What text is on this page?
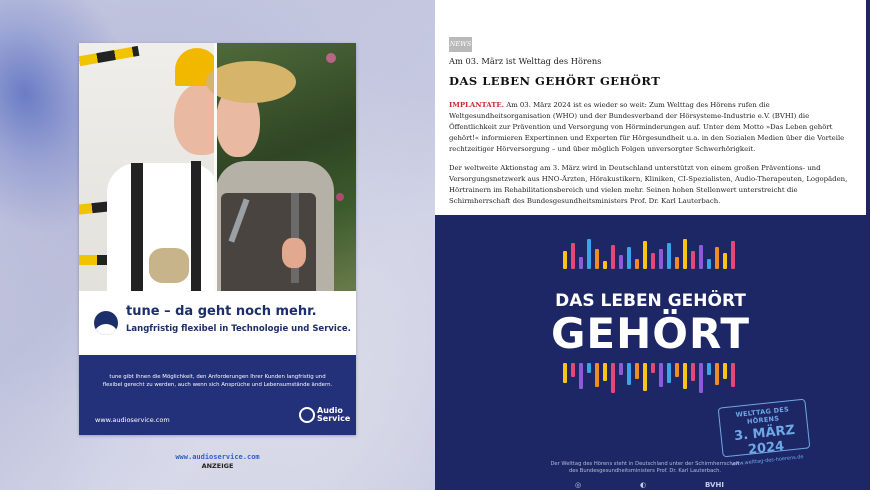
tune – da geht noch mehr.
Langfristig flexibel in Technologie und Service.
tune gibt Ihnen die Möglichkeit, den Anforderungen Ihrer Kunden langfristig und flexibel gerecht zu werden, auch wenn sich Ansprüche und Lebensumstände ändern.
www.audioservice.com
Audio
Service
www.audioservice.com
ANZEIGE
NEWS
Am 03. März ist Welttag des Hörens
DAS LEBEN GEHÖRT GEHÖRT
IMPLANTATE. Am 03. März 2024 ist es wieder so weit: Zum Welttag des Hörens rufen die Weltgesundheitsorganisation (WHO) und der Bundesverband der Hörsysteme-Industrie e.V. (BVHI) die Öffentlichkeit zur Prävention und Versorgung von Hörminderungen auf. Unter dem Motto »Das Leben gehört gehört!« informieren Expertinnen und Experten für Hörgesundheit u.a. in den Sozialen Medien über die Vorteile rechtzeitiger Hörversorgung – und über möglich Folgen unversorgter Schwerhörigkeit.
Der weltweite Aktionstag am 3. März wird in Deutschland unterstützt von einem großen Präventions- und Versorgungsnetzwerk aus HNO-Ärzten, Hörakustikern, Kliniken, CI-Spezialisten, Audio-Therapeuten, Logopäden, Hörtrainern im Rehabilitationsbereich und vielen mehr. Seinen hohen Stellenwert unterstreicht die Schirmherrschaft des Bundesgesundheitsministers Prof. Dr. Karl Lauterbach.
DAS LEBEN GEHÖRT
GEHÖRT
WELTTAG DES HÖRENS
3. MÄRZ 2024
www.welttag-des-hoerens.de
Der Welttag des Hörens steht in Deutschland unter der Schirmherrschaft
des Bundesgesundheitsministers Prof. Dr. Karl Lauterbach.
◎	◐	BVHI
